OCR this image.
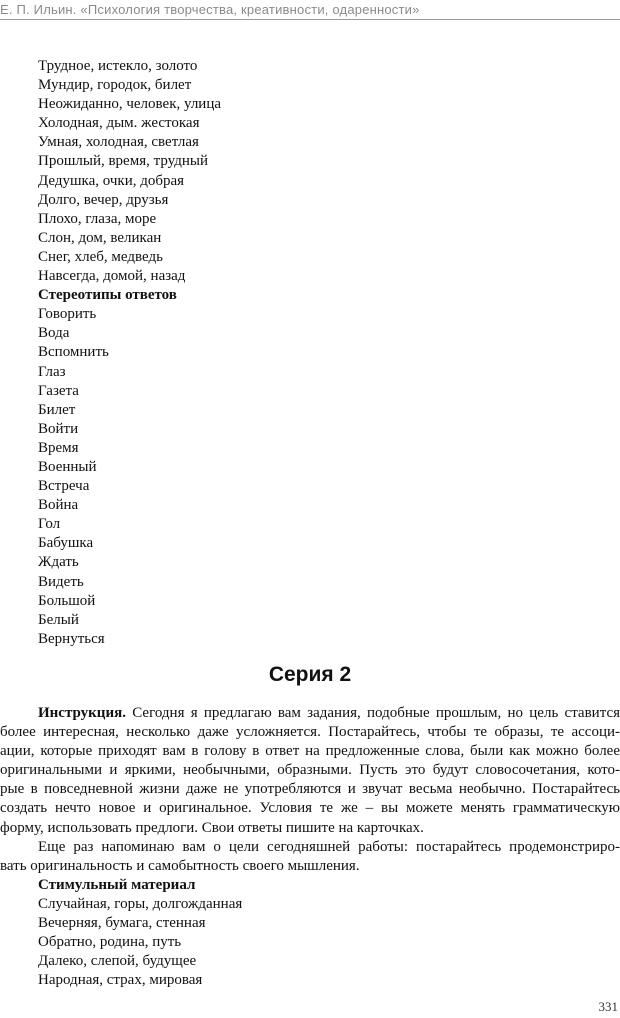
Е. П. Ильин. «Психология творчества, креативности, одаренности»
Трудное, истекло, золото
Мундир, городок, билет
Неожиданно, человек, улица
Холодная, дым. жестокая
Умная, холодная, светлая
Прошлый, время, трудный
Дедушка, очки, добрая
Долго, вечер, друзья
Плохо, глаза, море
Слон, дом, великан
Снег, хлеб, медведь
Навсегда, домой, назад
Стереотипы ответов
Говорить
Вода
Вспомнить
Глаз
Газета
Билет
Войти
Время
Военный
Встреча
Война
Гол
Бабушка
Ждать
Видеть
Большой
Белый
Вернуться
Серия 2
Инструкция. Сегодня я предлагаю вам задания, подобные прошлым, но цель ставится
более интересная, несколько даже усложняется. Постарайтесь, чтобы те образы, те ассоци-
ации, которые приходят вам в голову в ответ на предложенные слова, были как можно более
оригинальными и яркими, необычными, образными. Пусть это будут словосочетания, кото-
рые в повседневной жизни даже не употребляются и звучат весьма необычно. Постарайтесь
создать нечто новое и оригинальное. Условия те же – вы можете менять грамматическую
форму, использовать предлоги. Свои ответы пишите на карточках.
Еще раз напоминаю вам о цели сегодняшней работы: постарайтесь продемонстриро-
вать оригинальность и самобытность своего мышления.
Стимульный материал
Случайная, горы, долгожданная
Вечерняя, бумага, стенная
Обратно, родина, путь
Далеко, слепой, будущее
Народная, страх, мировая
331
